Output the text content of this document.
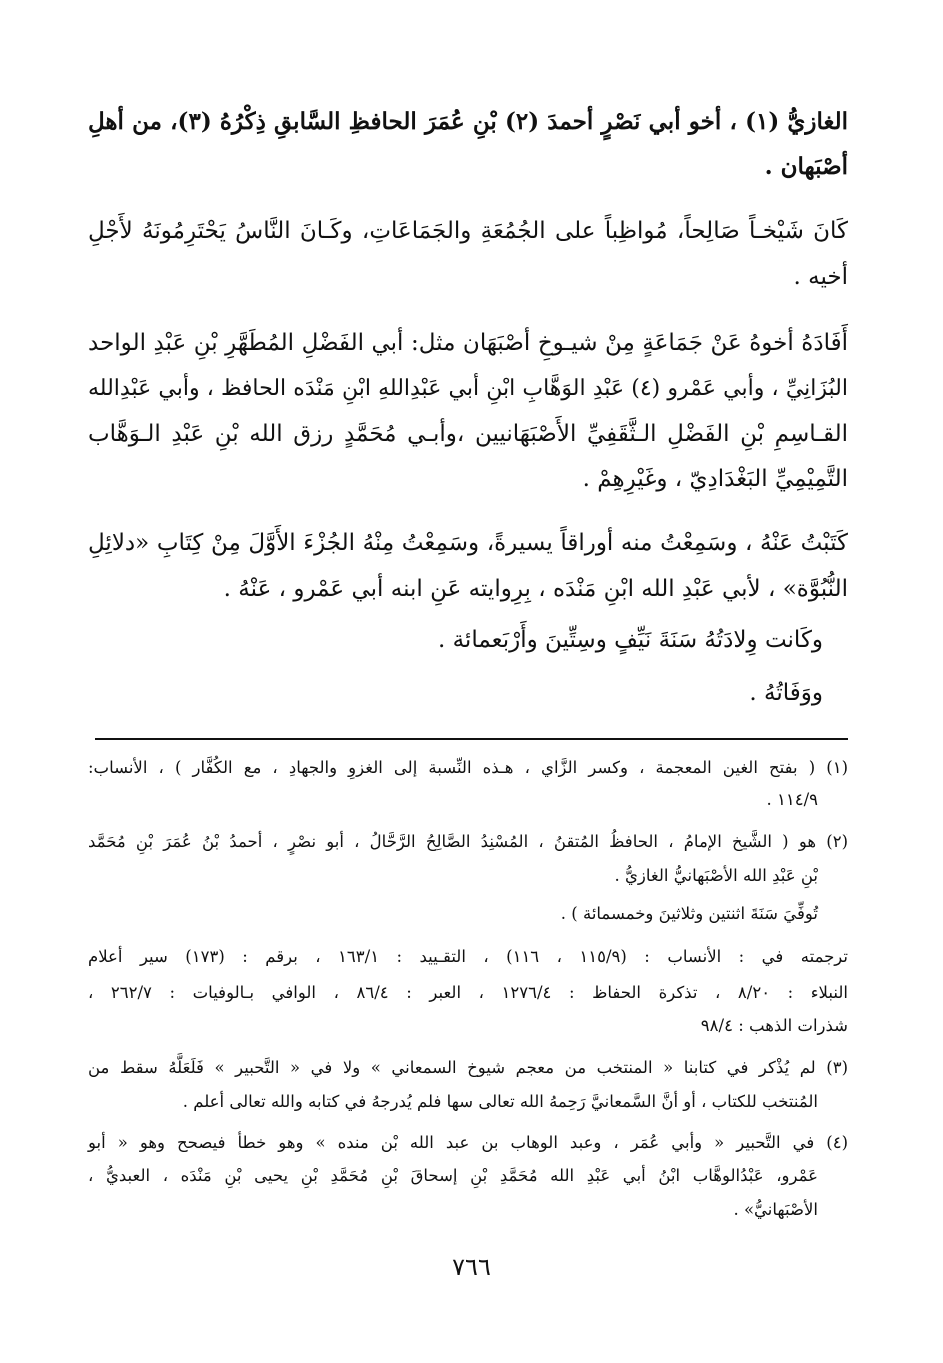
الغازيُّ (١) ، أخو أبي نَصْرٍ أحمدَ (٢) بْنِ عُمَرَ الحافظِ السَّابقِ ذِكْرُهُ (٣)، من أهلِ
أصْبَهان .
كَانَ شَيْخـاً صَالِحاً، مُواظِباً على الجُمُعَةِ والجَمَاعَاتِ، وكَـانَ النَّاسُ يَحْتَرِمُونَهُ لأَجْلِ
أخيه .
أَفَادَهُ أخوهُ عَنْ جَمَاعَةٍ مِنْ شيـوخِ أصْبَهَان مثل: أبي الفَضْلِ المُطَهَّرِ بْنِ عَبْدِ الواحد
البُزَانِيِّ ، وأبي عَمْرو (٤) عَبْدِ الوَهَّابِ ابْنِ أبي عَبْدِاللهِ ابْنِ مَنْدَه الحافظ ، وأبي عَبْدِالله
القـاسِمِ بْنِ الفَضْلِ الـثَّقَفِيِّ الأَصْبَهَانيين ،وأبـي مُحَمَّدٍ رزق الله بْنِ عَبْدِ الـوَهَّاب
التَّمِيْمِيِّ البَغْدَادِيّ ، وغَيْرِهِمْ .
كَتَبْتُ عَنْهُ ، وسَمِعْتُ منه أوراقاً يسيرةً، وسَمِعْتُ مِنْهُ الجُزْءَ الأَوَّلَ مِنْ كِتَابِ «دلائِلِ
النُّبُوَّة» ، لأبي عَبْدِ الله ابْنِ مَنْدَه ، بِرِوايته عَنِ ابنه أبي عَمْرو ، عَنْهُ .
وكَانت وِلادَتُهُ سَنَةَ نَيِّفٍ وسِتِّينَ وأَرْبَعمائة .
ووَفَاتُهُ .
(١) ( بفتح الغين المعجمة ، وكسر الزَّاي ، هـذه النِّسبة إلى الغزوِ والجهادِ ، مع الكُفَّار ) ، الأنساب:
١١٤/٩ .
(٢) هو ( الشَّيخ الإمامُ ، الحافظُ المُتقنُ ، المُسْنِدُ الصَّالِحُ الرَّحَّالُ ، أبو نصْرٍ ، أحمدُ بْنُ عُمَرَ بْنِ مُحَمَّد
بْنِ عَبْدِ الله الأصْبَهانيُّ الغازيُّ .
تُوفِّيَ سَنَةَ اثنتين وثلاثينَ وخمسمائة ) .
ترجمته في : الأنساب : (١١٥/٩ ، ١١٦) ، التقـييد : ١٦٣/١ ، برقم : (١٧٣) سير أعلام
النبلاء : ٨/٢٠ ، تذكرة الحفاظ : ١٢٧٦/٤ ، العبر : ٨٦/٤ ، الوافي بـالوفيات : ٢٦٢/٧ ،
شذرات الذهب : ٩٨/٤
(٣) لم يُذْكر في كتابنا « المنتخب من معجم شيوخ السمعاني » ولا في « التَّحبير » فَلَعَلَّهُ سقط من
المُنتخب للكتاب ، أو أنَّ السَّمعانيَّ رَحِمهُ الله تعالى سها فلم يُدرجهُ في كتابه والله تعالى أعلم .
(٤) في التَّحبير « وأبي عُمَر ، وعبد الوهاب بن عبد الله بْن منده » وهو خطأ فيصحح وهو « أبو
عَمْرو، عَبْدُالوهَّاب ابْنُ أبي عَبْدِ الله مُحَمَّدِ بْنِ إسحاقَ بْنِ مُحَمَّدِ بْنِ يحيى بْنِ مَنْدَه ، العبديُّ ،
الأصْبَهانيُّ» .
٧٦٦
